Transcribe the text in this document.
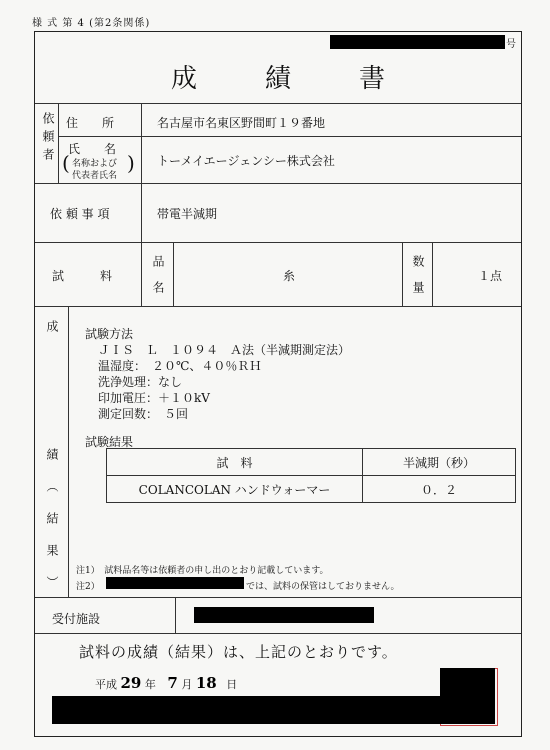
様 式 第 4 (第2条関係)
号
成	績	書
依頼者 住　　所	名古屋市名東区野間町１９番地
氏　　名
( 名称および
代表者氏名
) トーメイエージェンシー株式会社
依 頼 事 項	帯電半減期
試　　　料	品名	糸	数量	１点
成　　　績（結果） 試験方法
ＪＩＳ　Ｌ　１０９４　Ａ法（半減期測定法）
温湿度：　２０℃、４０％ＲＨ
洗浄処理：なし
印加電圧：＋１０kV
測定回数：　５回
試験結果
試　料	半減期（秒）
COLANCOLAN ハンドウォーマー	０．２
注1）　試料品名等は依頼者の申し出のとおり記載しています。
注2）	では、試料の保管はしておりません。
受付施設
試料の成績（結果）は、上記のとおりです。
平成 29 年 7 月 18 日
